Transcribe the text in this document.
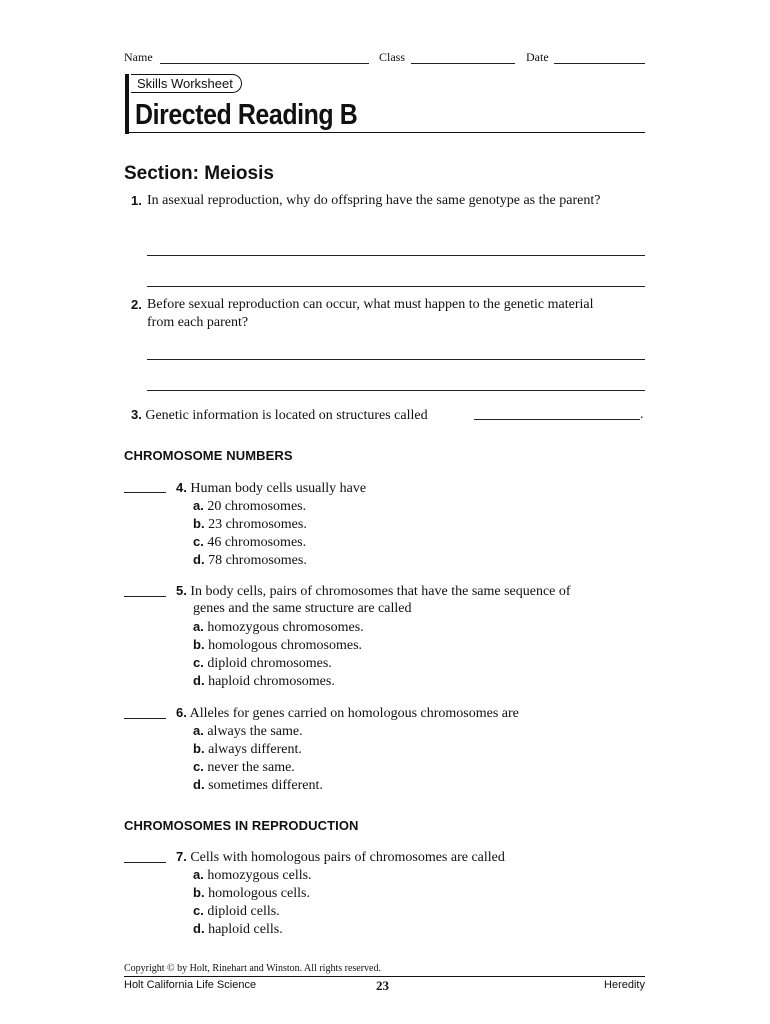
Name	Class	Date
Skills Worksheet
Directed Reading B
Section: Meiosis
1. In asexual reproduction, why do offspring have the same genotype as the parent?
2. Before sexual reproduction can occur, what must happen to the genetic material from each parent?
3. Genetic information is located on structures called	.
CHROMOSOME NUMBERS
4. Human body cells usually have
a. 20 chromosomes.
b. 23 chromosomes.
c. 46 chromosomes.
d. 78 chromosomes.
5. In body cells, pairs of chromosomes that have the same sequence of
genes and the same structure are called
a. homozygous chromosomes.
b. homologous chromosomes.
c. diploid chromosomes.
d. haploid chromosomes.
6. Alleles for genes carried on homologous chromosomes are
a. always the same.
b. always different.
c. never the same.
d. sometimes different.
CHROMOSOMES IN REPRODUCTION
7. Cells with homologous pairs of chromosomes are called
a. homozygous cells.
b. homologous cells.
c. diploid cells.
d. haploid cells.
Copyright © by Holt, Rinehart and Winston. All rights reserved.
Holt California Life Science	23	Heredity
